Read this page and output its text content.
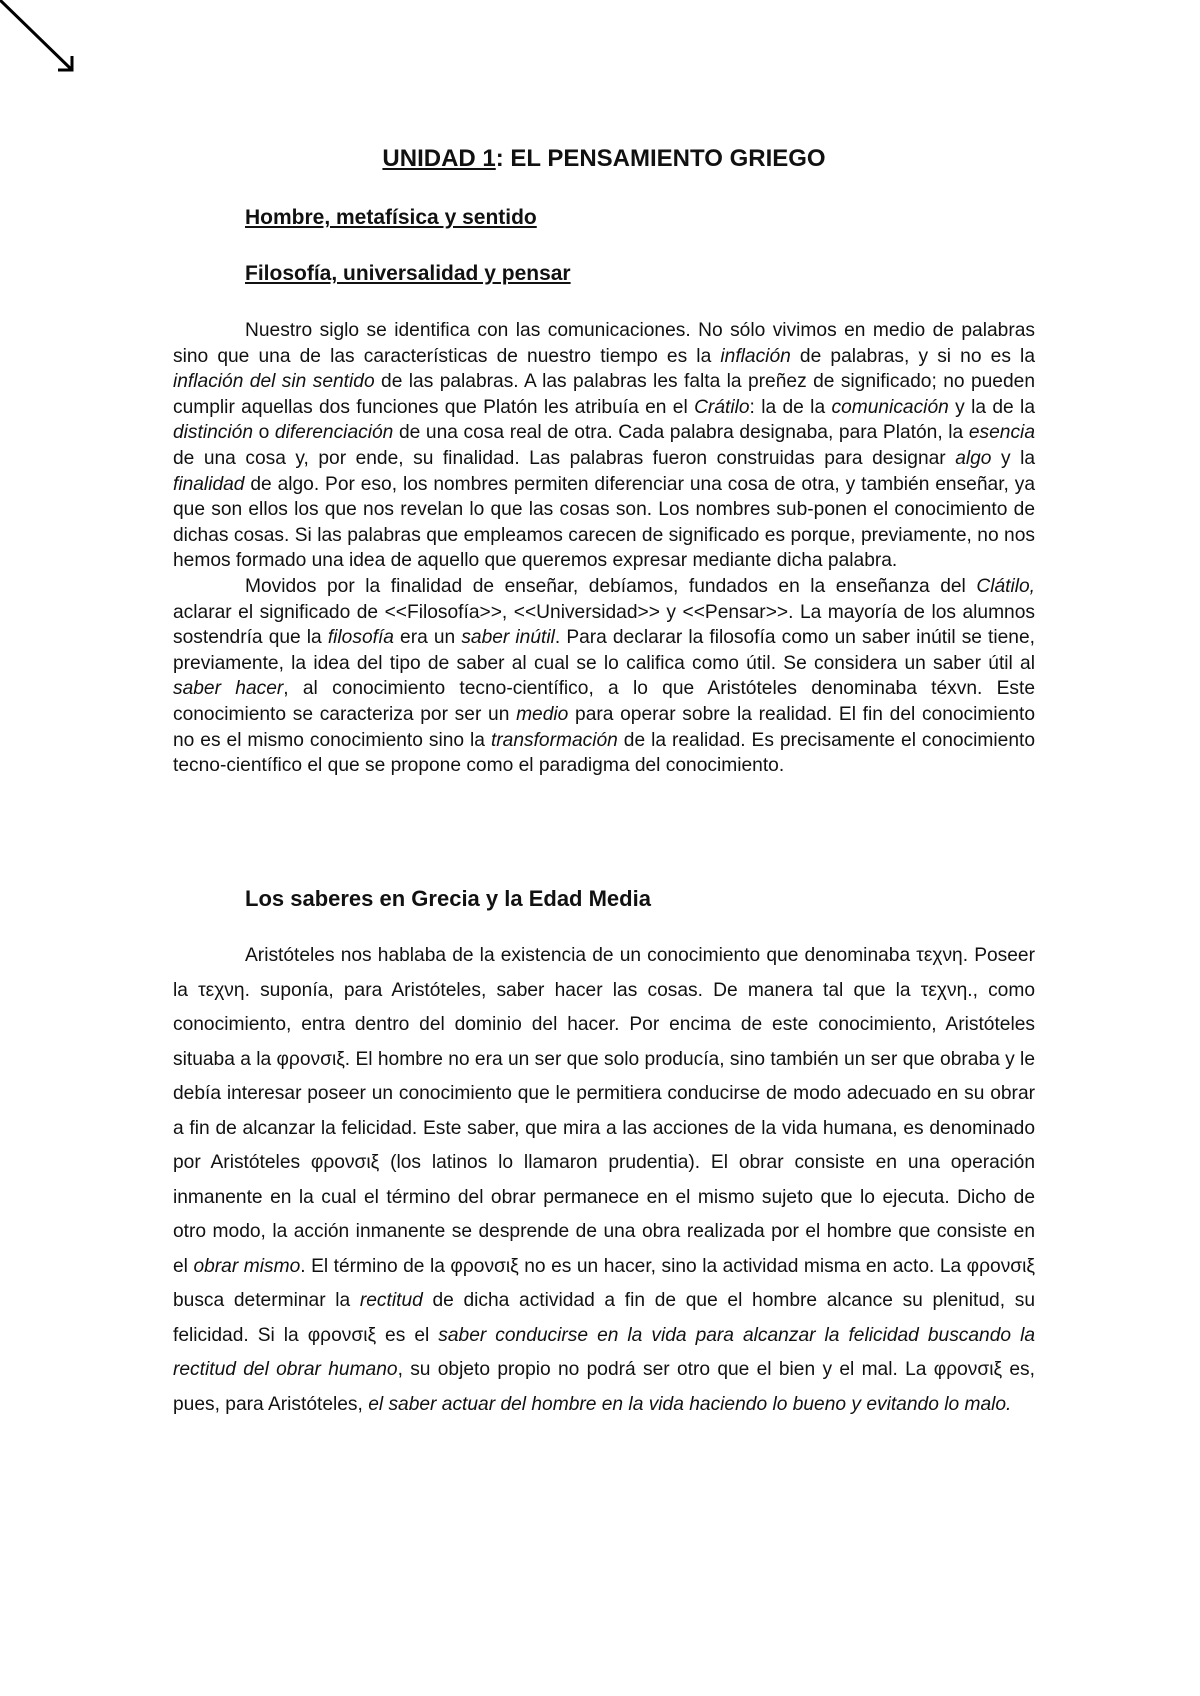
UNIDAD 1: EL PENSAMIENTO GRIEGO
Hombre, metafísica y sentido
Filosofía, universalidad y pensar

Nuestro siglo se identifica con las comunicaciones. No sólo vivimos en medio de palabras sino que una de las características de nuestro tiempo es la inflación de palabras, y si no es la inflación del sin sentido de las palabras. A las palabras les falta la preñez de significado; no pueden cumplir aquellas dos funciones que Platón les atribuía en el Crátilo: la de la comunicación y la de la distinción o diferenciación de una cosa real de otra. Cada palabra designaba, para Platón, la esencia de una cosa y, por ende, su finalidad. Las palabras fueron construidas para designar algo y la finalidad de algo. Por eso, los nombres permiten diferenciar una cosa de otra, y también enseñar, ya que son ellos los que nos revelan lo que las cosas son. Los nombres sub-ponen el conocimiento de dichas cosas. Si las palabras que empleamos carecen de significado es porque, previamente, no nos hemos formado una idea de aquello que queremos expresar mediante dicha palabra.

Movidos por la finalidad de enseñar, debíamos, fundados en la enseñanza del Clátilo, aclarar el significado de <<Filosofía>>, <<Universidad>> y <<Pensar>>. La mayoría de los alumnos sostendría que la filosofía era un saber inútil. Para declarar la filosofía como un saber inútil se tiene, previamente, la idea del tipo de saber al cual se lo califica como útil. Se considera un saber útil al saber hacer, al conocimiento tecno-científico, a lo que Aristóteles denominaba téxvn. Este conocimiento se caracteriza por ser un medio para operar sobre la realidad. El fin del conocimiento no es el mismo conocimiento sino la transformación de la realidad. Es precisamente el conocimiento tecno-científico el que se propone como el paradigma del conocimiento.

Los saberes en Grecia y la Edad Media

Aristóteles nos hablaba de la existencia de un conocimiento que denominaba τεχνη. Poseer la τεχνη. suponía, para Aristóteles, saber hacer las cosas. De manera tal que la τεχνη., como conocimiento, entra dentro del dominio del hacer. Por encima de este conocimiento, Aristóteles situaba a la φρονσιξ. El hombre no era un ser que solo producía, sino también un ser que obraba y le debía interesar poseer un conocimiento que le permitiera conducirse de modo adecuado en su obrar a fin de alcanzar la felicidad. Este saber, que mira a las acciones de la vida humana, es denominado por Aristóteles φρονσιξ (los latinos lo llamaron prudentia). El obrar consiste en una operación inmanente en la cual el término del obrar permanece en el mismo sujeto que lo ejecuta. Dicho de otro modo, la acción inmanente se desprende de una obra realizada por el hombre que consiste en el obrar mismo. El término de la φρονσιξ no es un hacer, sino la actividad misma en acto. La φρονσιξ busca determinar la rectitud de dicha actividad a fin de que el hombre alcance su plenitud, su felicidad. Si la φρονσιξ es el saber conducirse en la vida para alcanzar la felicidad buscando la rectitud del obrar humano, su objeto propio no podrá ser otro que el bien y el mal. La φρονσιξ es, pues, para Aristóteles, el saber actuar del hombre en la vida haciendo lo bueno y evitando lo malo.
